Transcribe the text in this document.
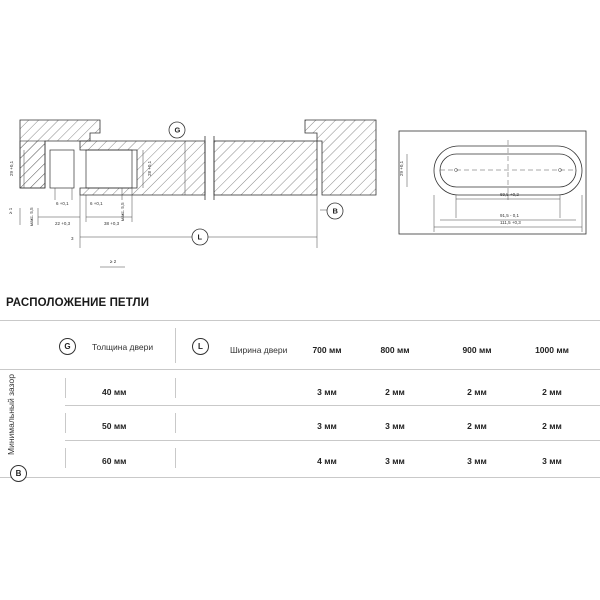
29 +0,1	28 +0,1
6 +0,1	6 +0,1
≥ 1	макс. 5,5	22 +0,3	38 +0,3
макс. 5,5
3
≥ 2
29 +0,1
69,5 +0,2
91,5 - 0,1
111,5 +0,3
G
L
B
РАСПОЛОЖЕНИЕ ПЕТЛИ
G	Толщина двери	L	Ширина двери	700 мм	800 мм	900 мм	1000 мм
Минимальный зазор
B
40 мм	3 мм	2 мм	2 мм	2 мм
50 мм	3 мм	3 мм	2 мм	2 мм
60 мм	4 мм	3 мм	3 мм	3 мм
